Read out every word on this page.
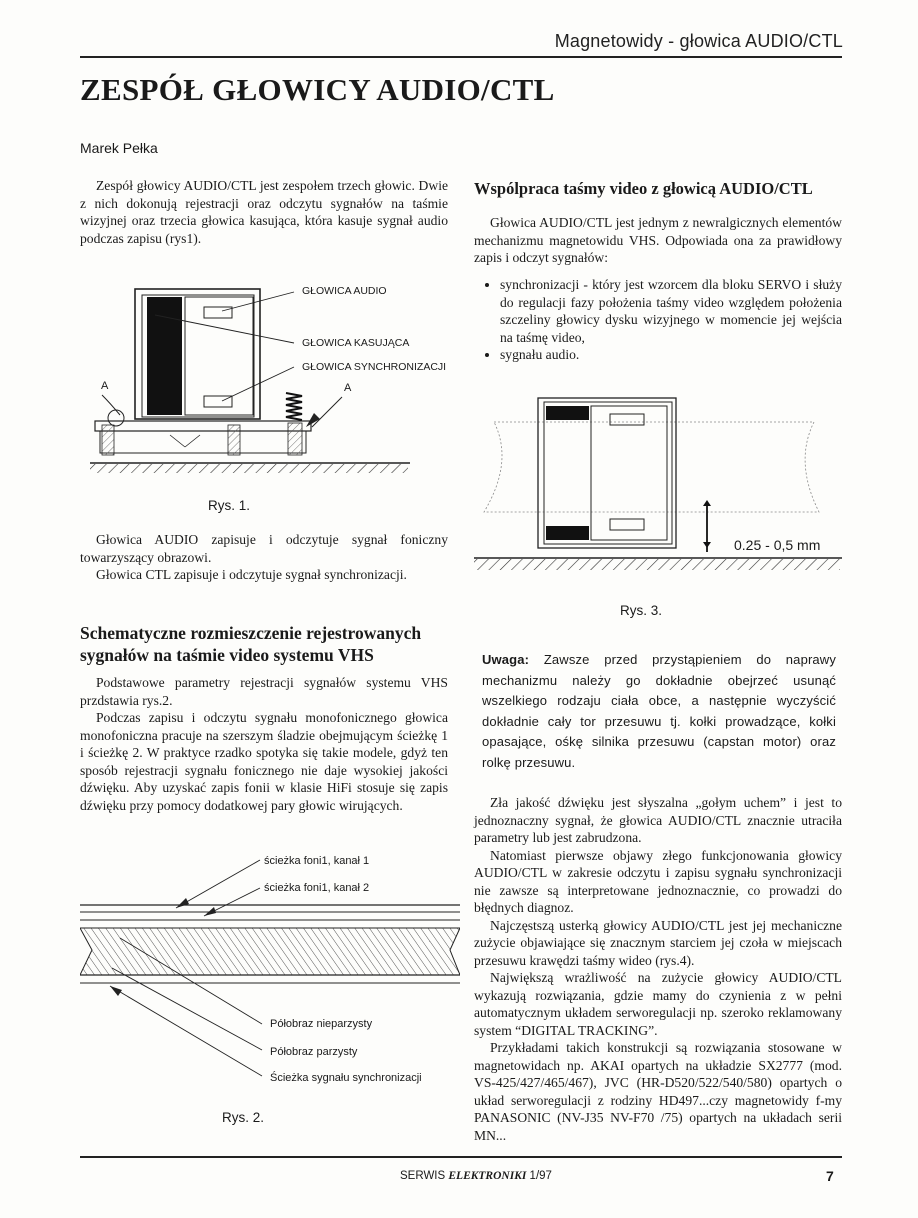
Magnetowidy - głowica AUDIO/CTL
ZESPÓŁ GŁOWICY AUDIO/CTL
Marek Pełka

Zespół głowicy AUDIO/CTL jest zespołem trzech głowic. Dwie z nich dokonują rejestracji oraz odczytu sygnałów na taśmie wizyjnej oraz trzecia głowica kasująca, która kasuje sygnał audio podczas zapisu (rys1).

GŁOWICA AUDIO
GŁOWICA KASUJĄCA
GŁOWICA SYNCHRONIZACJI
A	A
Rys. 1.

Głowica AUDIO zapisuje i odczytuje sygnał foniczny towarzyszący obrazowi.

Głowica CTL zapisuje i odczytuje sygnał synchronizacji.

Schematyczne rozmieszczenie rejestrowanych sygnałów na taśmie video systemu VHS

Podstawowe parametry rejestracji sygnałów systemu VHS przdstawia rys.2.

Podczas zapisu i odczytu sygnału monofonicznego głowica monofoniczna pracuje na szerszym śladzie obejmującym ścieżkę 1 i ścieżkę 2. W praktyce rzadko spotyka się takie modele, gdyż ten sposób rejestracji sygnału fonicznego nie daje wysokiej jakości dźwięku. Aby uzyskać zapis fonii w klasie HiFi stosuje się zapis dźwięku przy pomocy dodatkowej pary głowic wirujących.

ścieżka foni1, kanał 1
ścieżka foni1, kanał 2
Półobraz nieparzysty
Półobraz parzysty
Ścieżka sygnału synchronizacji
Rys. 2.
Wspólpraca taśmy video z głowicą AUDIO/CTL

Głowica AUDIO/CTL jest jednym z newralgicznych elementów mechanizmu magnetowidu VHS. Odpowiada ona za prawidłowy zapis i odczyt sygnałów:

• synchronizacji - który jest wzorcem dla bloku SERVO i służy do regulacji fazy położenia taśmy video względem położenia szczeliny głowicy dysku wizyjnego w momencie jej wejścia na taśmę video,
• sygnału audio.
0.25 - 0,5 mm
Rys. 3.

Uwaga: Zawsze przed przystąpieniem do naprawy mechanizmu należy go dokładnie obejrzeć usunąć wszelkiego rodzaju ciała obce, a następnie wyczyścić dokładnie cały tor przesuwu tj. kołki prowadzące, kołki opasające, ośkę silnika przesuwu (capstan motor) oraz rolkę przesuwu.

Zła jakość dźwięku jest słyszalna „gołym uchem” i jest to jednoznaczny sygnał, że głowica AUDIO/CTL znacznie utraciła parametry lub jest zabrudzona.

Natomiast pierwsze objawy złego funkcjonowania głowicy AUDIO/CTL w zakresie odczytu i zapisu sygnału synchronizacji nie zawsze są interpretowane jednoznacznie, co prowadzi do błędnych diagnoz.

Najczęstszą usterką głowicy AUDIO/CTL jest jej mechaniczne zużycie objawiające się znacznym starciem jej czoła w miejscach przesuwu krawędzi taśmy wideo (rys.4).

Największą wrażliwość na zużycie głowicy AUDIO/CTL wykazują rozwiązania, gdzie mamy do czynienia z w pełni automatycznym układem serworegulacji np. szeroko reklamowany system “DIGITAL TRACKING”.

Przykładami takich konstrukcji są rozwiązania stosowane w magnetowidach np. AKAI opartych na układzie SX2777 (mod. VS-425/427/465/467), JVC (HR-D520/522/540/580) opartych o układ serworegulacji z rodziny HD497...czy magnetowidy f-my PANASONIC (NV-J35 NV-F70 /75) opartych na układach serii MN...

SERWIS ELEKTRONIKI 1/97	7
